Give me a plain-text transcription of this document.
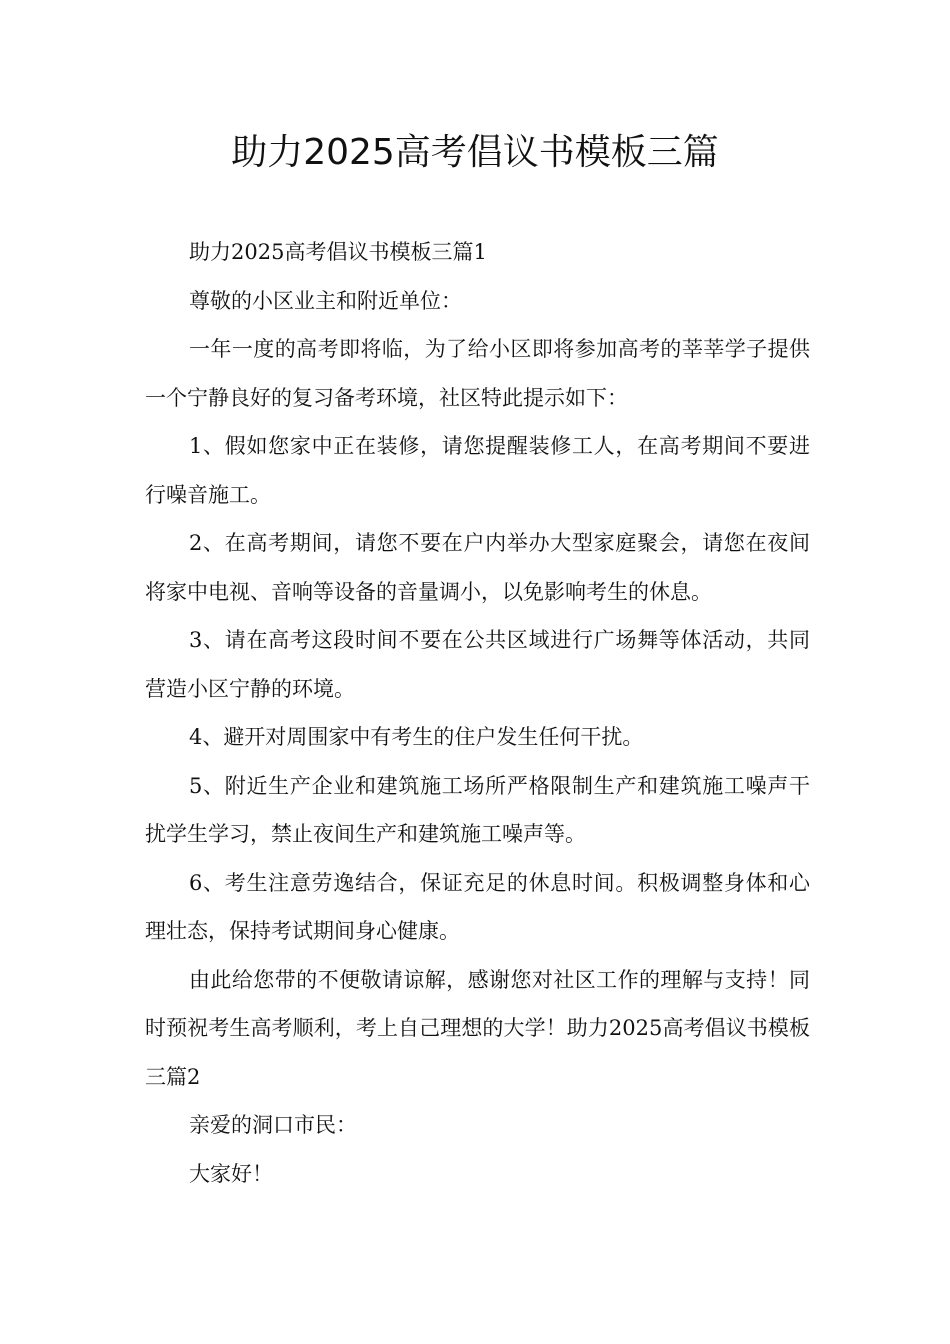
助力2025高考倡议书模板三篇

助力2025高考倡议书模板三篇1

尊敬的小区业主和附近单位：

一年一度的高考即将临，为了给小区即将参加高考的莘莘学子提供一个宁静良好的复习备考环境，社区特此提示如下：

1、假如您家中正在装修，请您提醒装修工人，在高考期间不要进行噪音施工。

2、在高考期间，请您不要在户内举办大型家庭聚会，请您在夜间将家中电视、音响等设备的音量调小，以免影响考生的休息。

3、请在高考这段时间不要在公共区域进行广场舞等体活动，共同营造小区宁静的环境。

4、避开对周围家中有考生的住户发生任何干扰。

5、附近生产企业和建筑施工场所严格限制生产和建筑施工噪声干扰学生学习，禁止夜间生产和建筑施工噪声等。

6、考生注意劳逸结合，保证充足的休息时间。积极调整身体和心理壮态，保持考试期间身心健康。

由此给您带的不便敬请谅解，感谢您对社区工作的理解与支持！同时预祝考生高考顺利，考上自己理想的大学！助力2025高考倡议书模板三篇2

亲爱的洞口市民：

大家好！
